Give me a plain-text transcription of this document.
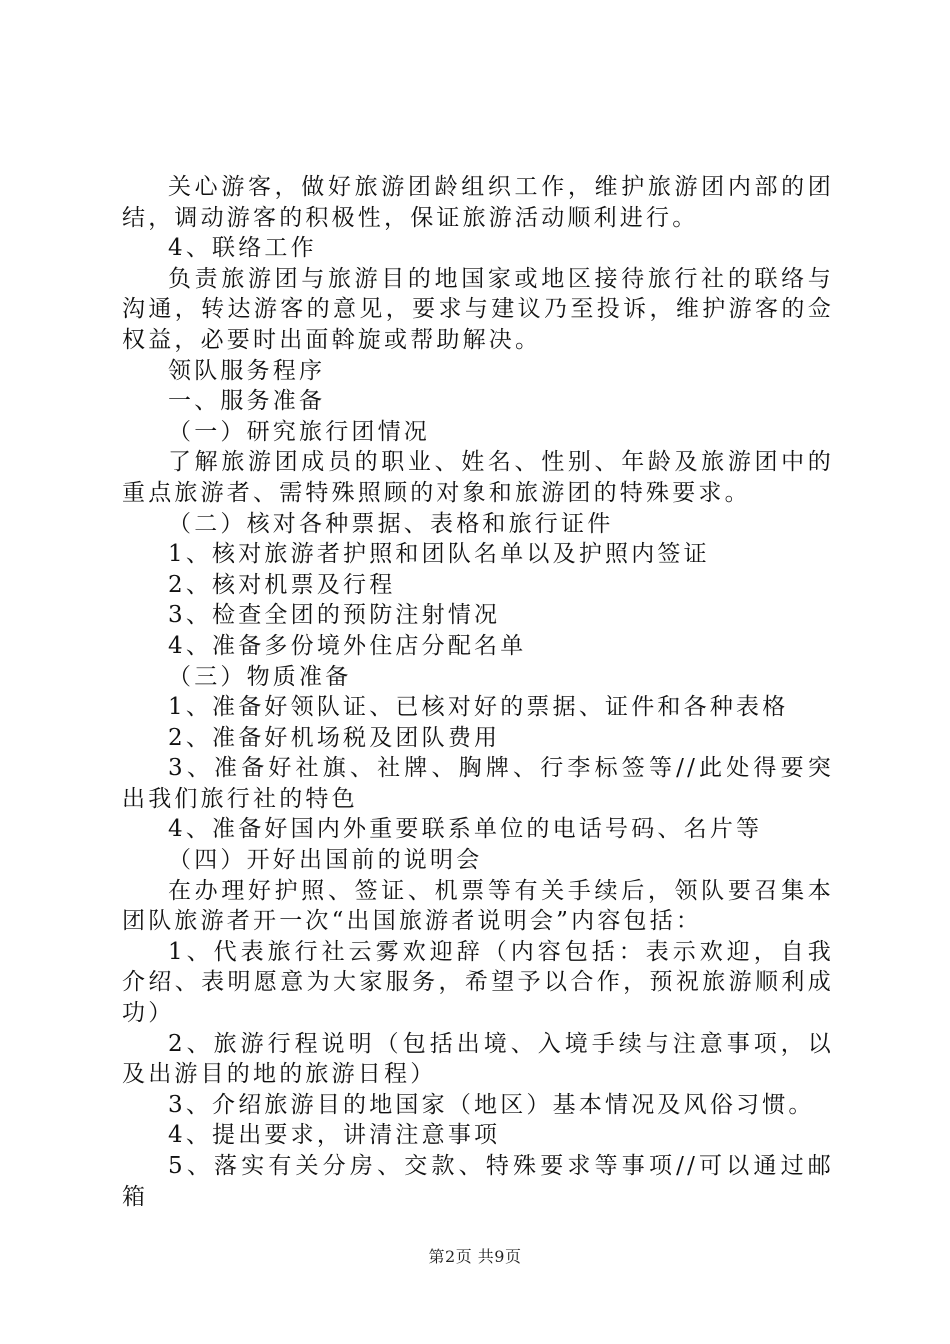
关心游客，做好旅游团龄组织工作，维护旅游团内部的团结，调动游客的积极性，保证旅游活动顺利进行。

4、联络工作

负责旅游团与旅游目的地国家或地区接待旅行社的联络与沟通，转达游客的意见，要求与建议乃至投诉，维护游客的佥权益，必要时出面斡旋或帮助解决。

领队服务程序

一、服务准备

（一）研究旅行团情况

了解旅游团成员的职业、姓名、性别、年龄及旅游团中的重点旅游者、需特殊照顾的对象和旅游团的特殊要求。

（二）核对各种票据、表格和旅行证件

1、核对旅游者护照和团队名单以及护照内签证

2、核对机票及行程

3、检查全团的预防注射情况

4、准备多份境外住店分配名单

（三）物质准备

1、准备好领队证、已核对好的票据、证件和各种表格

2、准备好机场税及团队费用

3、准备好社旗、社牌、胸牌、行李标签等//此处得要突出我们旅行社的特色

4、准备好国内外重要联系单位的电话号码、名片等

（四）开好出国前的说明会

在办理好护照、签证、机票等有关手续后，领队要召集本团队旅游者开一次“出国旅游者说明会”内容包括：

1、代表旅行社云雾欢迎辞（内容包括：表示欢迎，自我介绍、表明愿意为大家服务，希望予以合作，预祝旅游顺利成功）

2、旅游行程说明（包括出境、入境手续与注意事项，以及出游目的地的旅游日程）

3、介绍旅游目的地国家（地区）基本情况及风俗习惯。

4、提出要求，讲清注意事项

5、落实有关分房、交款、特殊要求等事项//可以通过邮箱

第2页 共9页
